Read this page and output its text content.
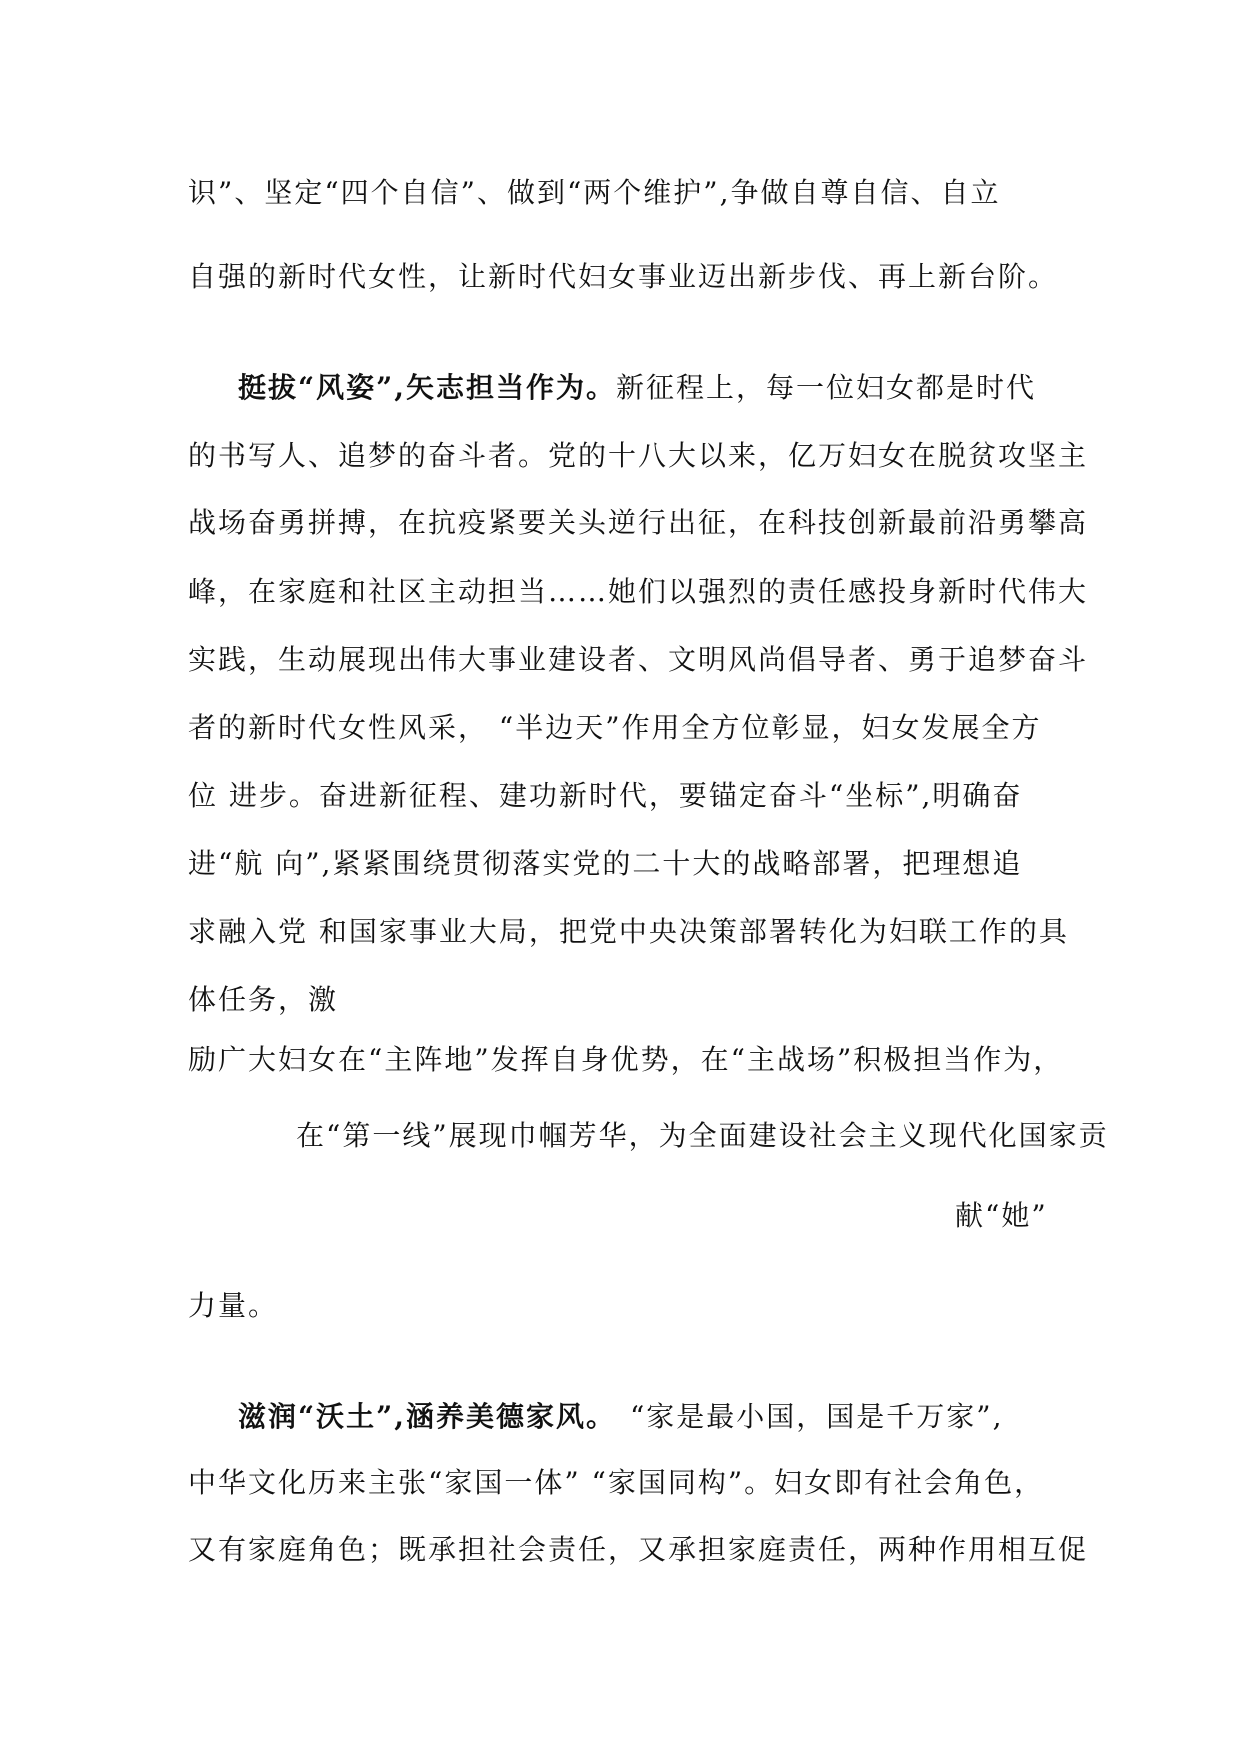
识”、坚定“四个自信”、做到“两个维护”,争做自尊自信、自立

自强的新时代女性，让新时代妇女事业迈出新步伐、再上新台阶。

挺拔“风姿”,矢志担当作为。新征程上，每一位妇女都是时代

的书写人、追梦的奋斗者。党的十八大以来，亿万妇女在脱贫攻坚主

战场奋勇拼搏，在抗疫紧要关头逆行出征，在科技创新最前沿勇攀高

峰，在家庭和社区主动担当……她们以强烈的责任感投身新时代伟大

实践，生动展现出伟大事业建设者、文明风尚倡导者、勇于追梦奋斗

者的新时代女性风采， “半边天”作用全方位彰显，妇女发展全方

位 进步。奋进新征程、建功新时代，要锚定奋斗“坐标”,明确奋

进“航 向”,紧紧围绕贯彻落实党的二十大的战略部署，把理想追

求融入党 和国家事业大局，把党中央决策部署转化为妇联工作的具

体任务，激

励广大妇女在“主阵地”发挥自身优势，在“主战场”积极担当作为，

在“第一线”展现巾帼芳华，为全面建设社会主义现代化国家贡

献“她”

力量。

滋润“沃土”,涵养美德家风。 “家是最小国，国是千万家”,

中华文化历来主张“家国一体” “家国同构”。妇女即有社会角色，

又有家庭角色；既承担社会责任，又承担家庭责任，两种作用相互促
